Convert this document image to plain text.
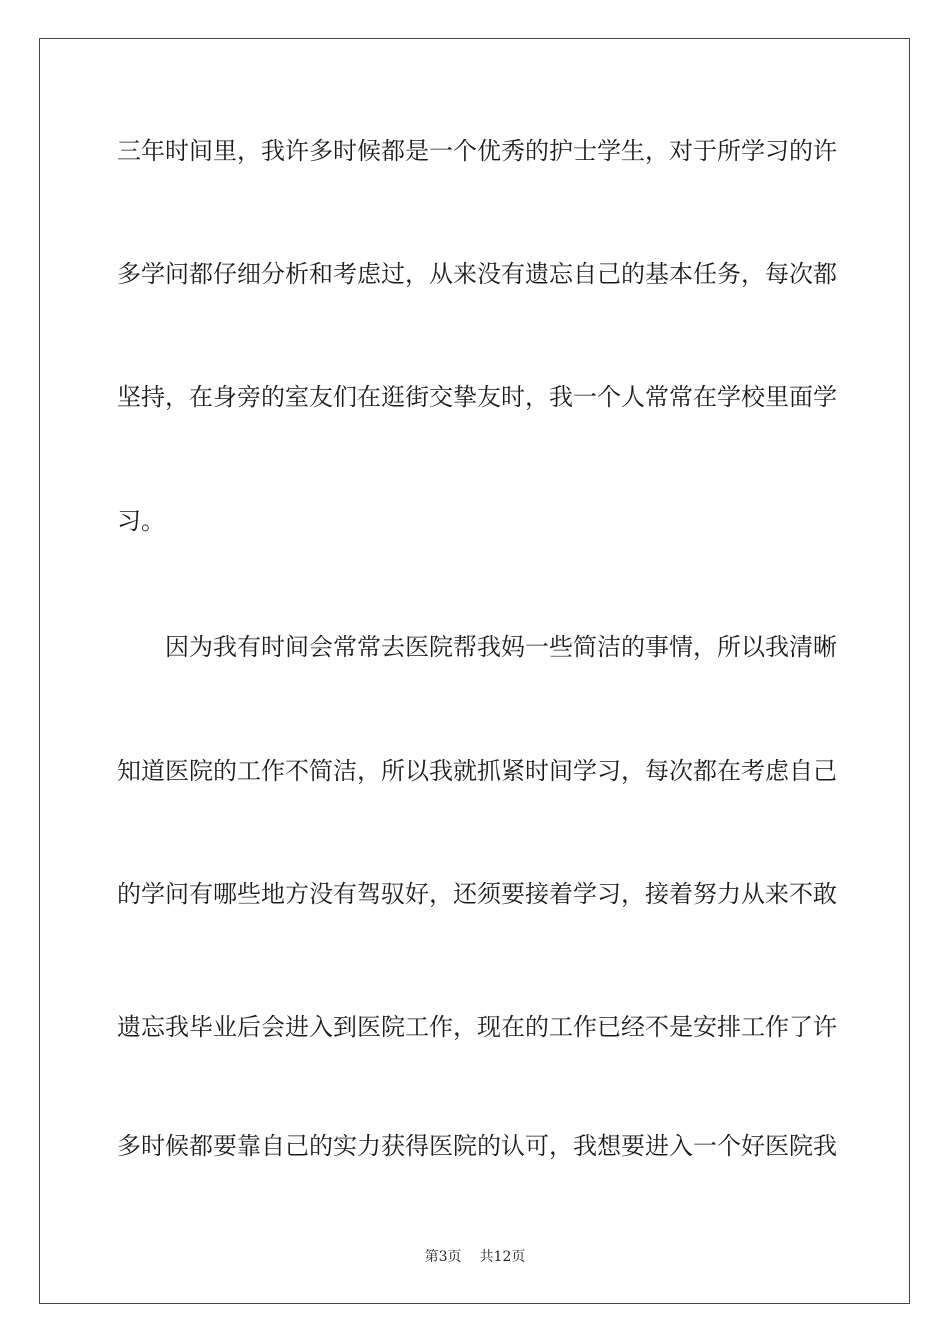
三年时间里，我许多时候都是一个优秀的护士学生，对于所学习的许
多学问都仔细分析和考虑过，从来没有遗忘自己的基本任务，每次都
坚持，在身旁的室友们在逛街交挚友时，我一个人常常在学校里面学
习。
因为我有时间会常常去医院帮我妈一些简洁的事情，所以我清晰
知道医院的工作不简洁，所以我就抓紧时间学习，每次都在考虑自己
的学问有哪些地方没有驾驭好，还须要接着学习，接着努力从来不敢
遗忘我毕业后会进入到医院工作，现在的工作已经不是安排工作了许
多时候都要靠自己的实力获得医院的认可，我想要进入一个好医院我
第3页 共12页
